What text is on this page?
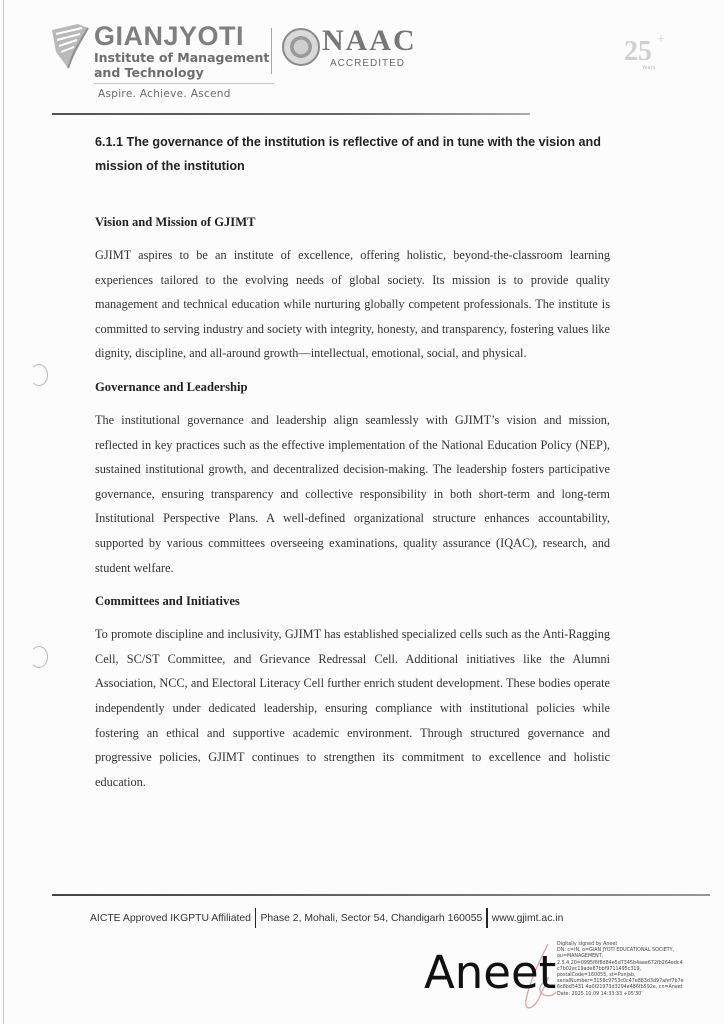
GIANJYOTI
Institute of Management
and Technology
Aspire. Achieve. Ascend
NAAC
ACCREDITED	25 +
Years

6.1.1 The governance of the institution is reflective of and in tune with the vision and mission of the institution

Vision and Mission of GJIMT

GJIMT aspires to be an institute of excellence, offering holistic, beyond-the-classroom learning experiences tailored to the evolving needs of global society. Its mission is to provide quality management and technical education while nurturing globally competent professionals. The institute is committed to serving industry and society with integrity, honesty, and transparency, fostering values like dignity, discipline, and all-around growth—intellectual, emotional, social, and physical.

Governance and Leadership

The institutional governance and leadership align seamlessly with GJIMT’s vision and mission, reflected in key practices such as the effective implementation of the National Education Policy (NEP), sustained institutional growth, and decentralized decision-making. The leadership fosters participative governance, ensuring transparency and collective responsibility in both short-term and long-term Institutional Perspective Plans. A well-defined organizational structure enhances accountability, supported by various committees overseeing examinations, quality assurance (IQAC), research, and student welfare.

Committees and Initiatives

To promote discipline and inclusivity, GJIMT has established specialized cells such as the Anti-Ragging Cell, SC/ST Committee, and Grievance Redressal Cell. Additional initiatives like the Alumni Association, NCC, and Electoral Literacy Cell further enrich student development. These bodies operate independently under dedicated leadership, ensuring compliance with institutional policies while fostering an ethical and supportive academic environment. Through structured governance and progressive policies, GJIMT continues to strengthen its commitment to excellence and holistic education.

AICTE Approved IKGPTU Affiliated Phase 2, Mohali, Sector 54, Chandigarh 160055 www.gjimt.ac.in
Aneet
Digitally signed by Aneet
DN: c=IN, o=GIAN JYOTI EDUCATIONAL SOCIETY,
ou=MANAGEMENT,
2.5.4.20=0995f6f8d84e5d7345b4aee672fb264edc4
c7b02ec19ade87bbf9711495c319,
postalCode=160055, st=Punjab,
serialNumber=3158c9753c0c47e883d3d97afef7b7e
6c8bd5431 4a0f21973d3294e486fb592e, cn=Aneet
Date: 2025.10.09 14:33:33 +05'30'
